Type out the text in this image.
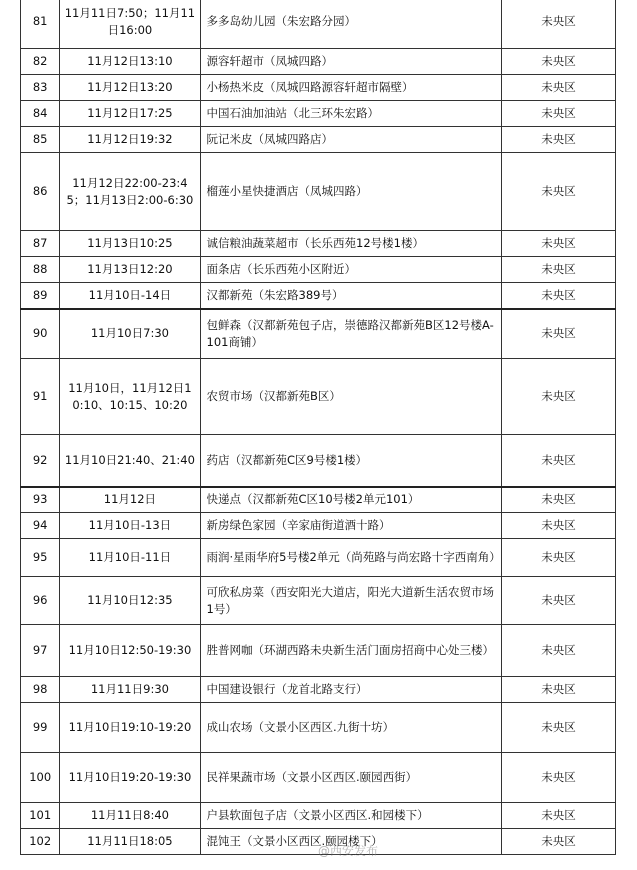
81	11月11日7:50；11月11日16:00	多多岛幼儿园（朱宏路分园）	未央区
82	11月12日13:10	源容轩超市（凤城四路）	未央区
83	11月12日13:20	小杨热米皮（凤城四路源容轩超市隔壁）	未央区
84	11月12日17:25	中国石油加油站（北三环朱宏路）	未央区
85	11月12日19:32	阮记米皮（凤城四路店）	未央区
86	11月12日22:00-23:45；11月13日2:00-6:30	榴莲小星快捷酒店（凤城四路）	未央区
87	11月13日10:25	诚信粮油蔬菜超市（长乐西苑12号楼1楼）	未央区
88	11月13日12:20	面条店（长乐西苑小区附近）	未央区
89	11月10日-14日	汉都新苑（朱宏路389号）	未央区
90	11月10日7:30	包鲜森（汉都新苑包子店，崇德路汉都新苑B区12号楼A-101商铺）	未央区
91	11月10日，11月12日10:10、10:15、10:20	农贸市场（汉都新苑B区）	未央区
92	11月10日21:40、21:40	药店（汉都新苑C区9号楼1楼）	未央区
93	11月12日	快递点（汉都新苑C区10号楼2单元101）	未央区
94	11月10日-13日	新房绿色家园（辛家庙街道酒十路）	未央区
95	11月10日-11日	雨润·星雨华府5号楼2单元（尚苑路与尚宏路十字西南角）	未央区
96	11月10日12:35	可欣私房菜（西安阳光大道店，阳光大道新生活农贸市场1号）	未央区
97	11月10日12:50-19:30	胜普网咖（环湖西路未央新生活门面房招商中心处三楼）	未央区
98	11月11日9:30	中国建设银行（龙首北路支行）	未央区
99	11月10日19:10-19:20	成山农场（文景小区西区.九街十坊）	未央区
100	11月10日19:20-19:30	民祥果蔬市场（文景小区西区.颐园西街）	未央区
101	11月11日8:40	户县软面包子店（文景小区西区.和园楼下）	未央区
102	11月11日18:05	混饨王（文景小区西区.颐园楼下）	未央区
@西安发布
